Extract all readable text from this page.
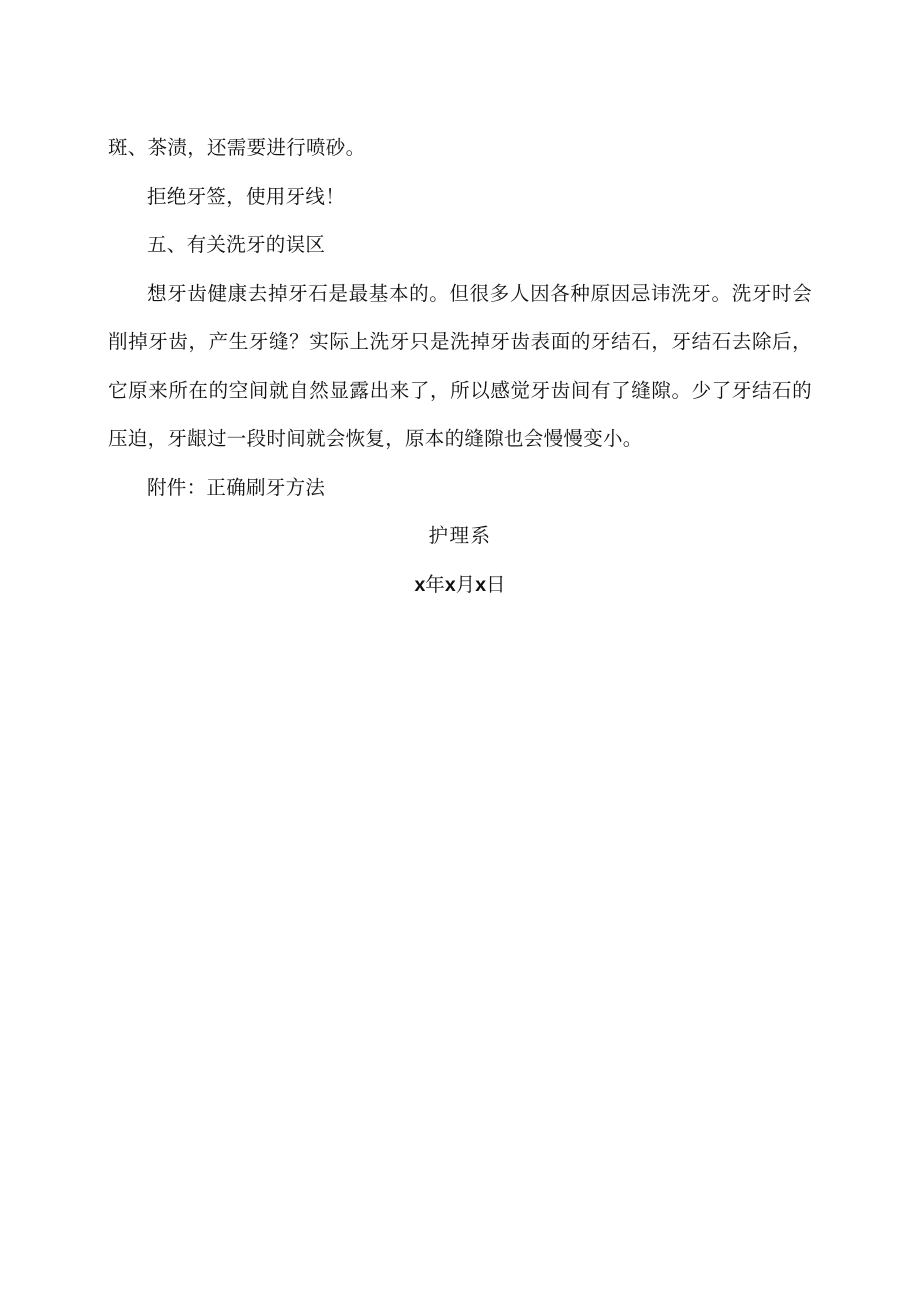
斑、茶渍，还需要进行喷砂。

拒绝牙签，使用牙线！

五、有关洗牙的误区

想牙齿健康去掉牙石是最基本的。但很多人因各种原因忌讳洗牙。洗牙时会削掉牙齿，产生牙缝？实际上洗牙只是洗掉牙齿表面的牙结石，牙结石去除后，它原来所在的空间就自然显露出来了，所以感觉牙齿间有了缝隙。少了牙结石的压迫，牙龈过一段时间就会恢复，原本的缝隙也会慢慢变小。

附件：正确刷牙方法

护理系

x年x月x日
